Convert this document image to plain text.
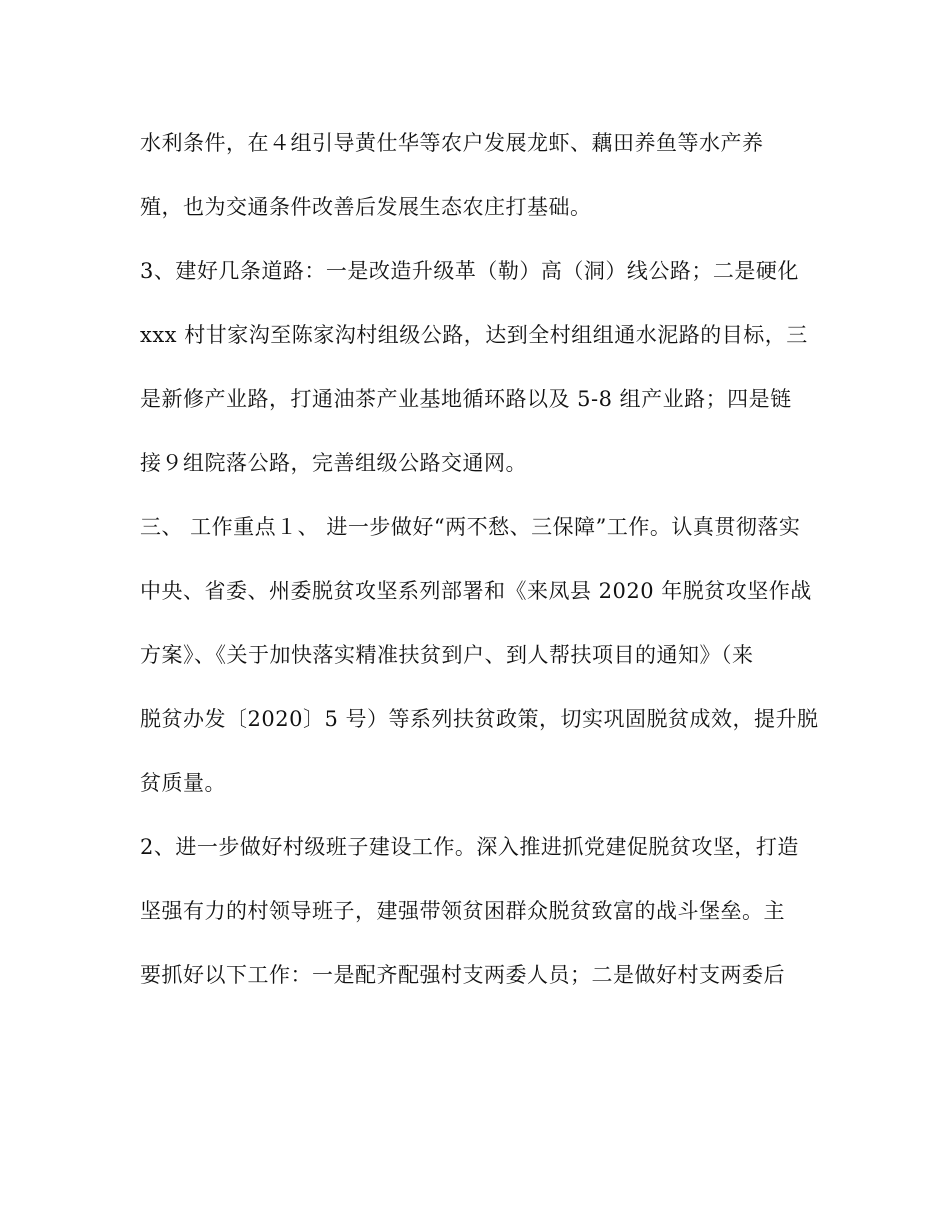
水利条件，在４组引导黄仕华等农户发展龙虾、藕田养鱼等水产养
殖，也为交通条件改善后发展生态农庄打基础。
3、建好几条道路：一是改造升级革（勒）高（洞）线公路；二是硬化
xxx 村甘家沟至陈家沟村组级公路，达到全村组组通水泥路的目标，三
是新修产业路，打通油茶产业基地循环路以及 5-8 组产业路；四是链
接９组院落公路，完善组级公路交通网。
三、 工作重点１、 进一步做好“两不愁、三保障”工作。认真贯彻落实
中央、省委、州委脱贫攻坚系列部署和《来凤县 2020 年脱贫攻坚作战
方案》、《关于加快落实精准扶贫到户、到人帮扶项目的通知》（来
脱贫办发〔2020〕5 号）等系列扶贫政策，切实巩固脱贫成效，提升脱
贫质量。
2、进一步做好村级班子建设工作。深入推进抓党建促脱贫攻坚，打造
坚强有力的村领导班子，建强带领贫困群众脱贫致富的战斗堡垒。主
要抓好以下工作：一是配齐配强村支两委人员；二是做好村支两委后
